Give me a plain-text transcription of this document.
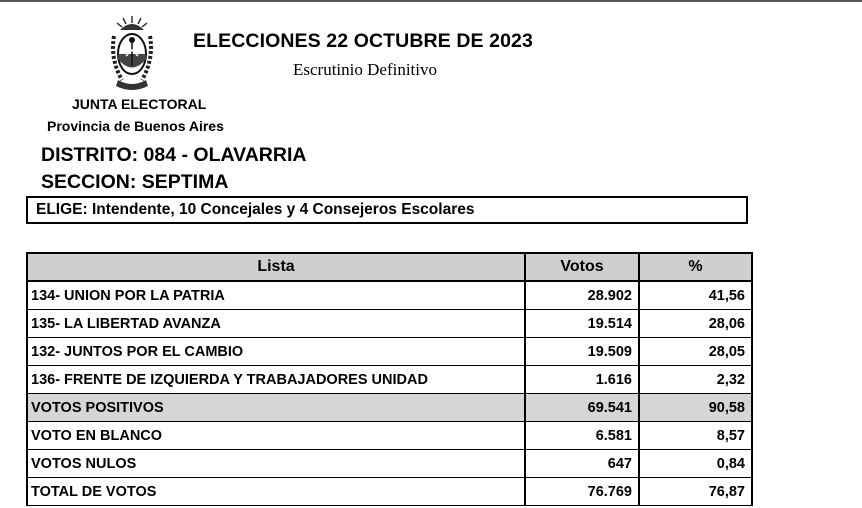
ELECCIONES 22 OCTUBRE DE 2023
Escrutinio Definitivo
JUNTA ELECTORAL
Provincia de Buenos Aires
DISTRITO: 084 - OLAVARRIA
SECCION: SEPTIMA
ELIGE: Intendente, 10 Concejales y 4 Consejeros Escolares
Lista	Votos	%
134- UNION POR LA PATRIA	28.902	41,56
135- LA LIBERTAD AVANZA	19.514	28,06
132- JUNTOS POR EL CAMBIO	19.509	28,05
136- FRENTE DE IZQUIERDA Y TRABAJADORES UNIDAD	1.616	2,32
VOTOS POSITIVOS	69.541	90,58
VOTO EN BLANCO	6.581	8,57
VOTOS NULOS	647	0,84
TOTAL DE VOTOS	76.769	76,87
